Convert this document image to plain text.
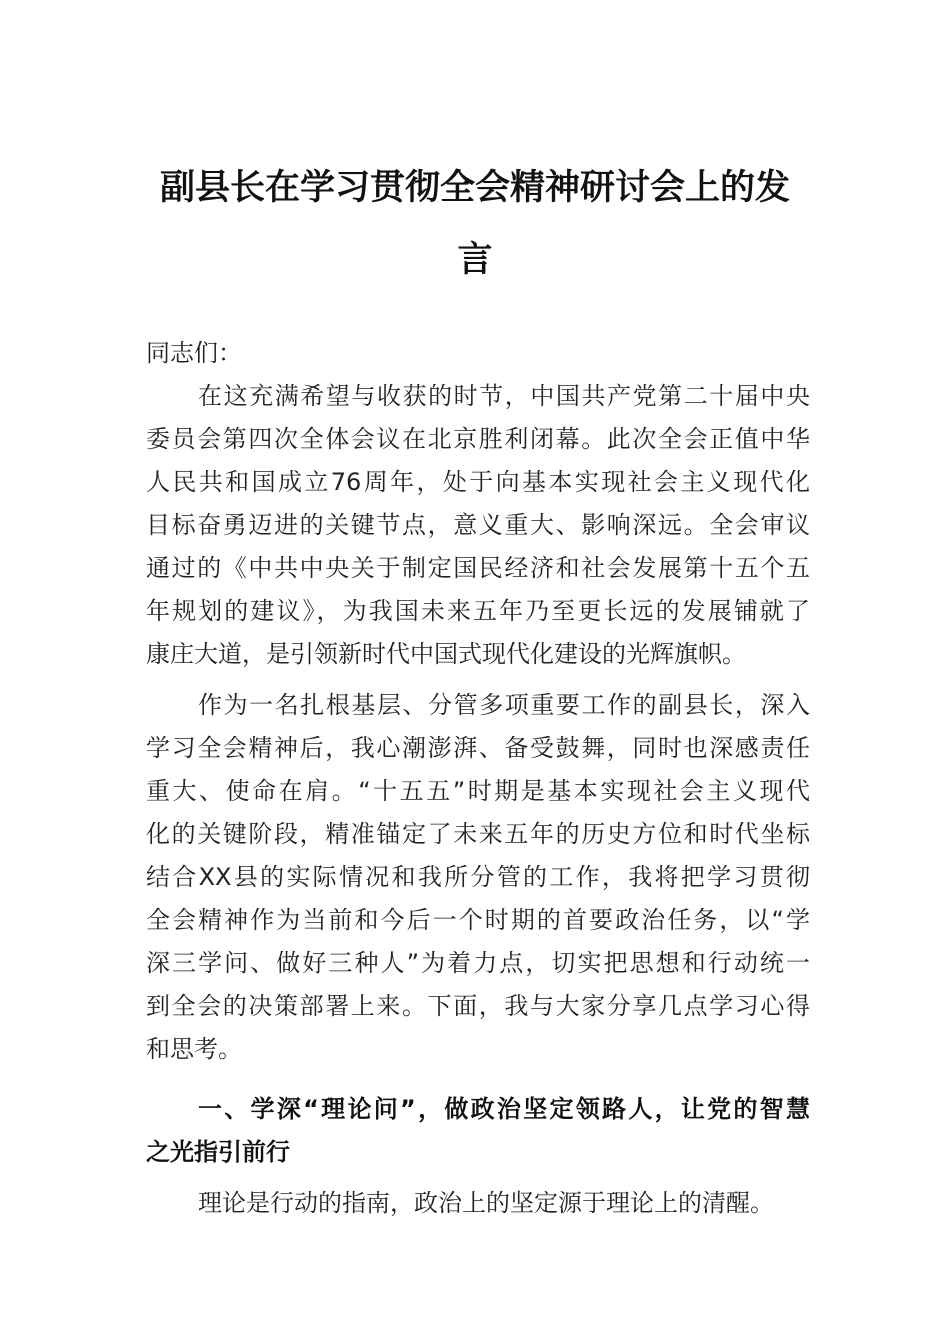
副县长在学习贯彻全会精神研讨会上的发
言
同志们：
在这充满希望与收获的时节，中国共产党第二十届中央
委员会第四次全体会议在北京胜利闭幕。此次全会正值中华
人民共和国成立76周年，处于向基本实现社会主义现代化
目标奋勇迈进的关键节点，意义重大、影响深远。全会审议
通过的《中共中央关于制定国民经济和社会发展第十五个五
年规划的建议》，为我国未来五年乃至更长远的发展铺就了
康庄大道，是引领新时代中国式现代化建设的光辉旗帜。
作为一名扎根基层、分管多项重要工作的副县长，深入
学习全会精神后，我心潮澎湃、备受鼓舞，同时也深感责任
重大、使命在肩。“十五五”时期是基本实现社会主义现代
化的关键阶段，精准锚定了未来五年的历史方位和时代坐标
结合XX县的实际情况和我所分管的工作，我将把学习贯彻
全会精神作为当前和今后一个时期的首要政治任务，以“学
深三学问、做好三种人”为着力点，切实把思想和行动统一
到全会的决策部署上来。下面，我与大家分享几点学习心得
和思考。
一、学深“理论问”，做政治坚定领路人，让党的智慧
之光指引前行
理论是行动的指南，政治上的坚定源于理论上的清醒。
